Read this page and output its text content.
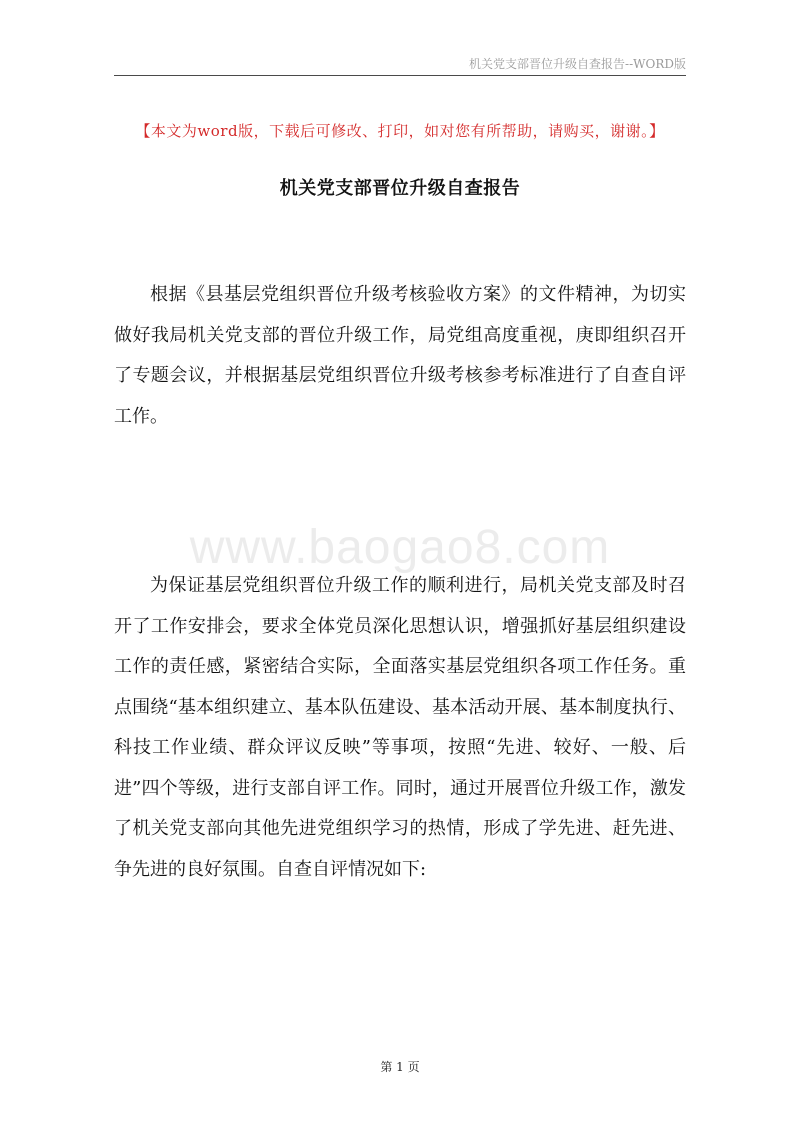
机关党支部晋位升级自查报告--WORD版
【本文为word版，下载后可修改、打印，如对您有所帮助，请购买，谢谢。】
机关党支部晋位升级自查报告

根据《县基层党组织晋位升级考核验收方案》的文件精神，为切实做好我局机关党支部的晋位升级工作，局党组高度重视，庚即组织召开了专题会议，并根据基层党组织晋位升级考核参考标准进行了自查自评工作。

www.baogao8.com

为保证基层党组织晋位升级工作的顺利进行，局机关党支部及时召开了工作安排会，要求全体党员深化思想认识，增强抓好基层组织建设工作的责任感，紧密结合实际，全面落实基层党组织各项工作任务。重点围绕“基本组织建立、基本队伍建设、基本活动开展、基本制度执行、科技工作业绩、群众评议反映”等事项，按照“先进、较好、一般、后进”四个等级，进行支部自评工作。同时，通过开展晋位升级工作，激发了机关党支部向其他先进党组织学习的热情，形成了学先进、赶先进、争先进的良好氛围。自查自评情况如下:

第 1 页
